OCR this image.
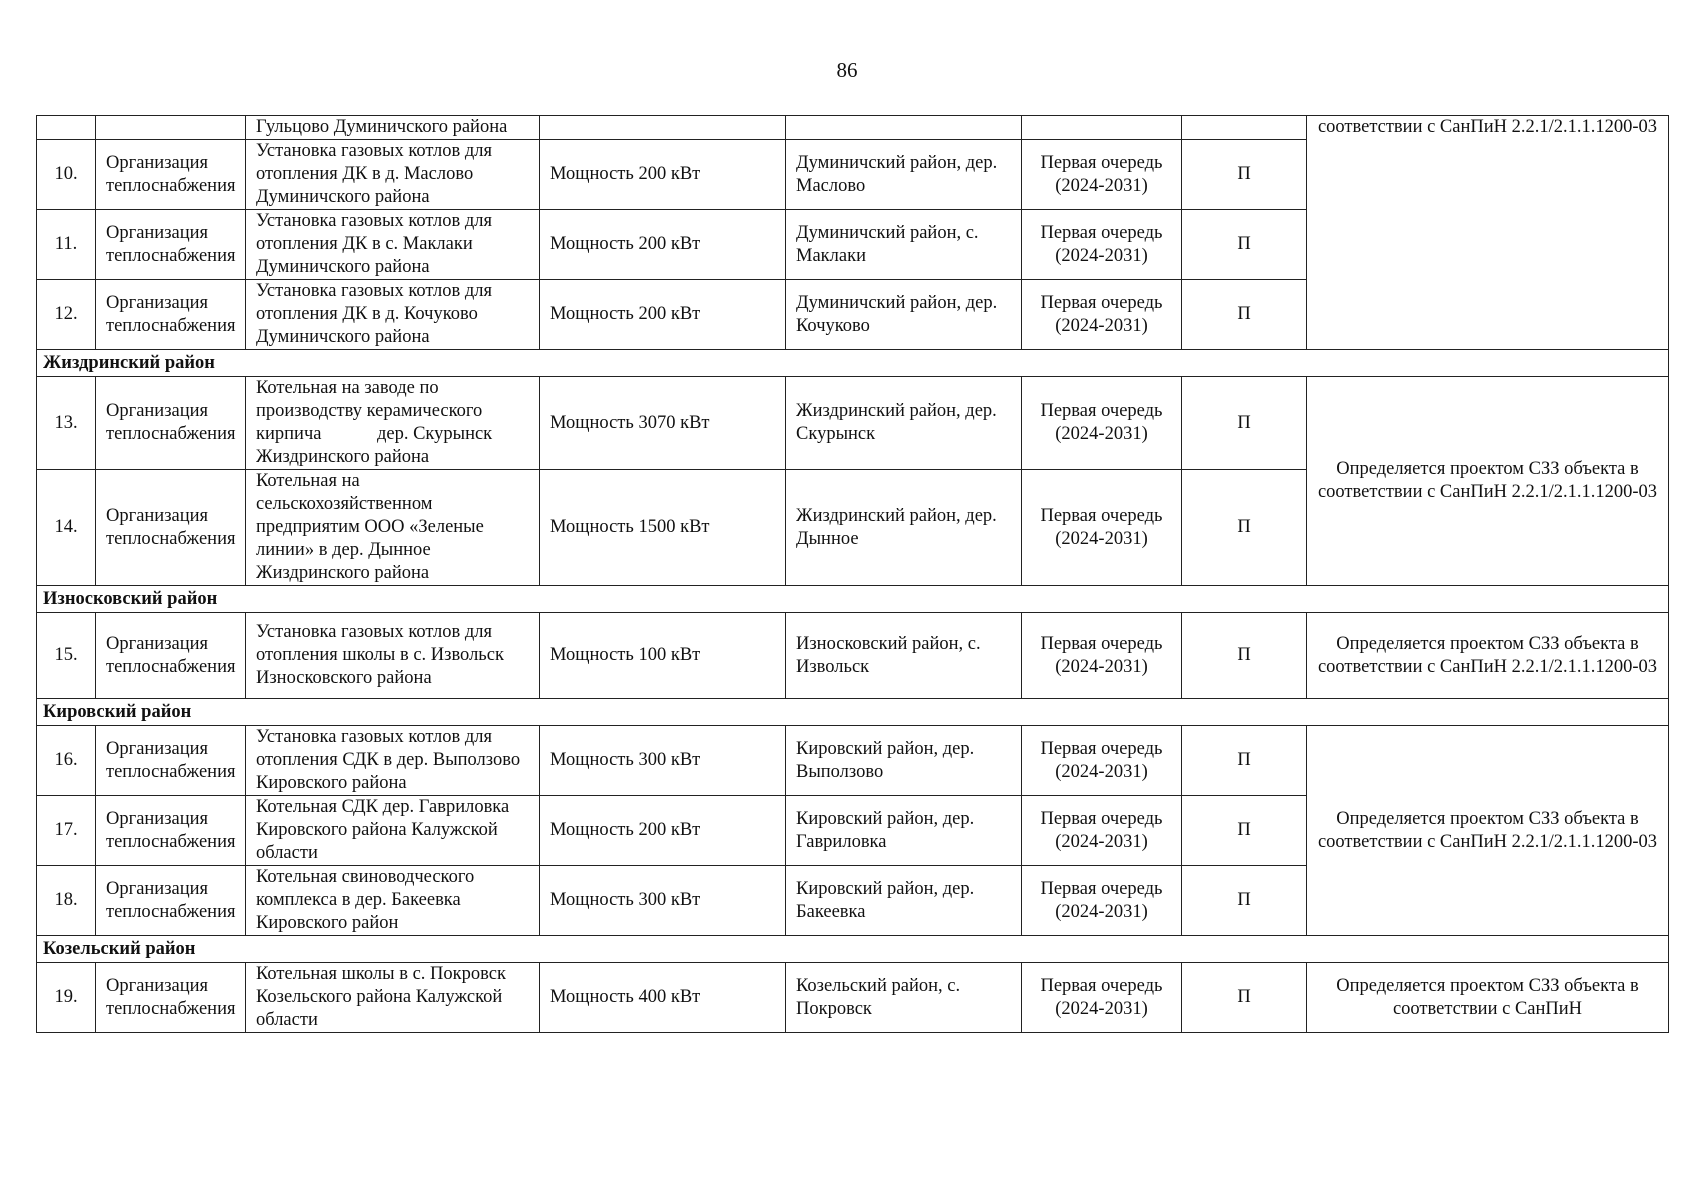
86
		Гульцово Думиничского района					соответствии с СанПиН 2.2.1/2.1.1.1200-03
10.	Организация теплоснабжения	Установка газовых котлов для отопления ДК в д. Маслово Думиничского района	Мощность 200 кВт	Думиничский район, дер. Маслово	Первая очередь (2024-2031)	П	
11.	Организация теплоснабжения	Установка газовых котлов для отопления ДК в с. Маклаки Думиничского района	Мощность 200 кВт	Думиничский район, с. Маклаки	Первая очередь (2024-2031)	П	
12.	Организация теплоснабжения	Установка газовых котлов для отопления ДК в д. Кочуково Думиничского района	Мощность 200 кВт	Думиничский район, дер. Кочуково	Первая очередь (2024-2031)	П	
Жиздринский район							
13.	Организация теплоснабжения	Котельная на заводе по производству керамического кирпича            дер. Скурынск Жиздринского района	Мощность 3070 кВт	Жиздринский район, дер. Скурынск	Первая очередь (2024-2031)	П	Определяется проектом СЗЗ объекта в соответствии с СанПиН 2.2.1/2.1.1.1200-03
14.	Организация теплоснабжения	Котельная на сельскохозяйственном предприятим ООО «Зеленые линии» в дер. Дынное Жиздринского района	Мощность 1500 кВт	Жиздринский район, дер. Дынное	Первая очередь (2024-2031)	П	
Износковский район							
15.	Организация теплоснабжения	Установка газовых котлов для отопления школы в с. Извольск Износковского района	Мощность 100 кВт	Износковский район, с. Извольск	Первая очередь (2024-2031)	П	Определяется проектом СЗЗ объекта в соответствии с СанПиН 2.2.1/2.1.1.1200-03
Кировский район							
16.	Организация теплоснабжения	Установка газовых котлов для отопления СДК в дер. Выползово Кировского района	Мощность 300 кВт	Кировский район, дер. Выползово	Первая очередь (2024-2031)	П	Определяется проектом СЗЗ объекта в соответствии с СанПиН 2.2.1/2.1.1.1200-03
17.	Организация теплоснабжения	Котельная СДК дер. Гавриловка Кировского района Калужской области	Мощность 200 кВт	Кировский район, дер. Гавриловка	Первая очередь (2024-2031)	П	
18.	Организация теплоснабжения	Котельная свиноводческого комплекса в дер. Бакеевка Кировского район	Мощность 300 кВт	Кировский район, дер. Бакеевка	Первая очередь (2024-2031)	П	
Козельский район							
19.	Организация теплоснабжения	Котельная школы в с. Покровск Козельского района Калужской области	Мощность 400 кВт	Козельский район, с. Покровск	Первая очередь (2024-2031)	П	Определяется проектом СЗЗ объекта в соответствии с СанПиН
